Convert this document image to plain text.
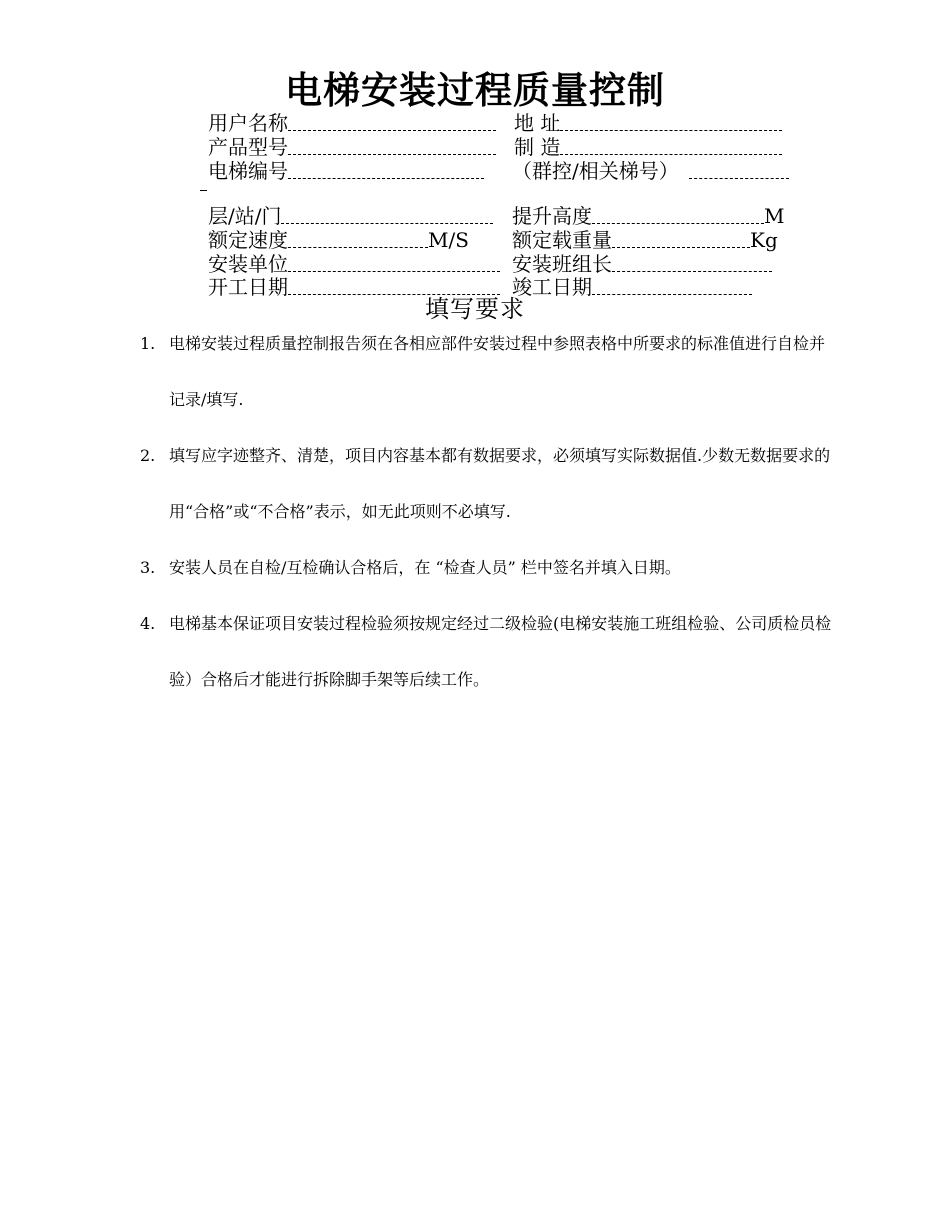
电梯安装过程质量控制
用户名称	地 址
产品型号	制 造
电梯编号	（群控/相关梯号）
层/站/门	提升高度	M
额定速度	M/S 额定载重量	Kg
安装单位	安装班组长
开工日期	竣工日期
填写要求
1. 电梯安装过程质量控制报告须在各相应部件安装过程中参照表格中所要求的标准值进行自检并记录/填写.
2. 填写应字迹整齐、清楚，项目内容基本都有数据要求，必须填写实际数据值.少数无数据要求的用“合格”或“不合格”表示，如无此项则不必填写.
3. 安装人员在自检/互检确认合格后，在 “检查人员” 栏中签名并填入日期。
4. 电梯基本保证项目安装过程检验须按规定经过二级检验(电梯安装施工班组检验、公司质检员检验）合格后才能进行拆除脚手架等后续工作。
